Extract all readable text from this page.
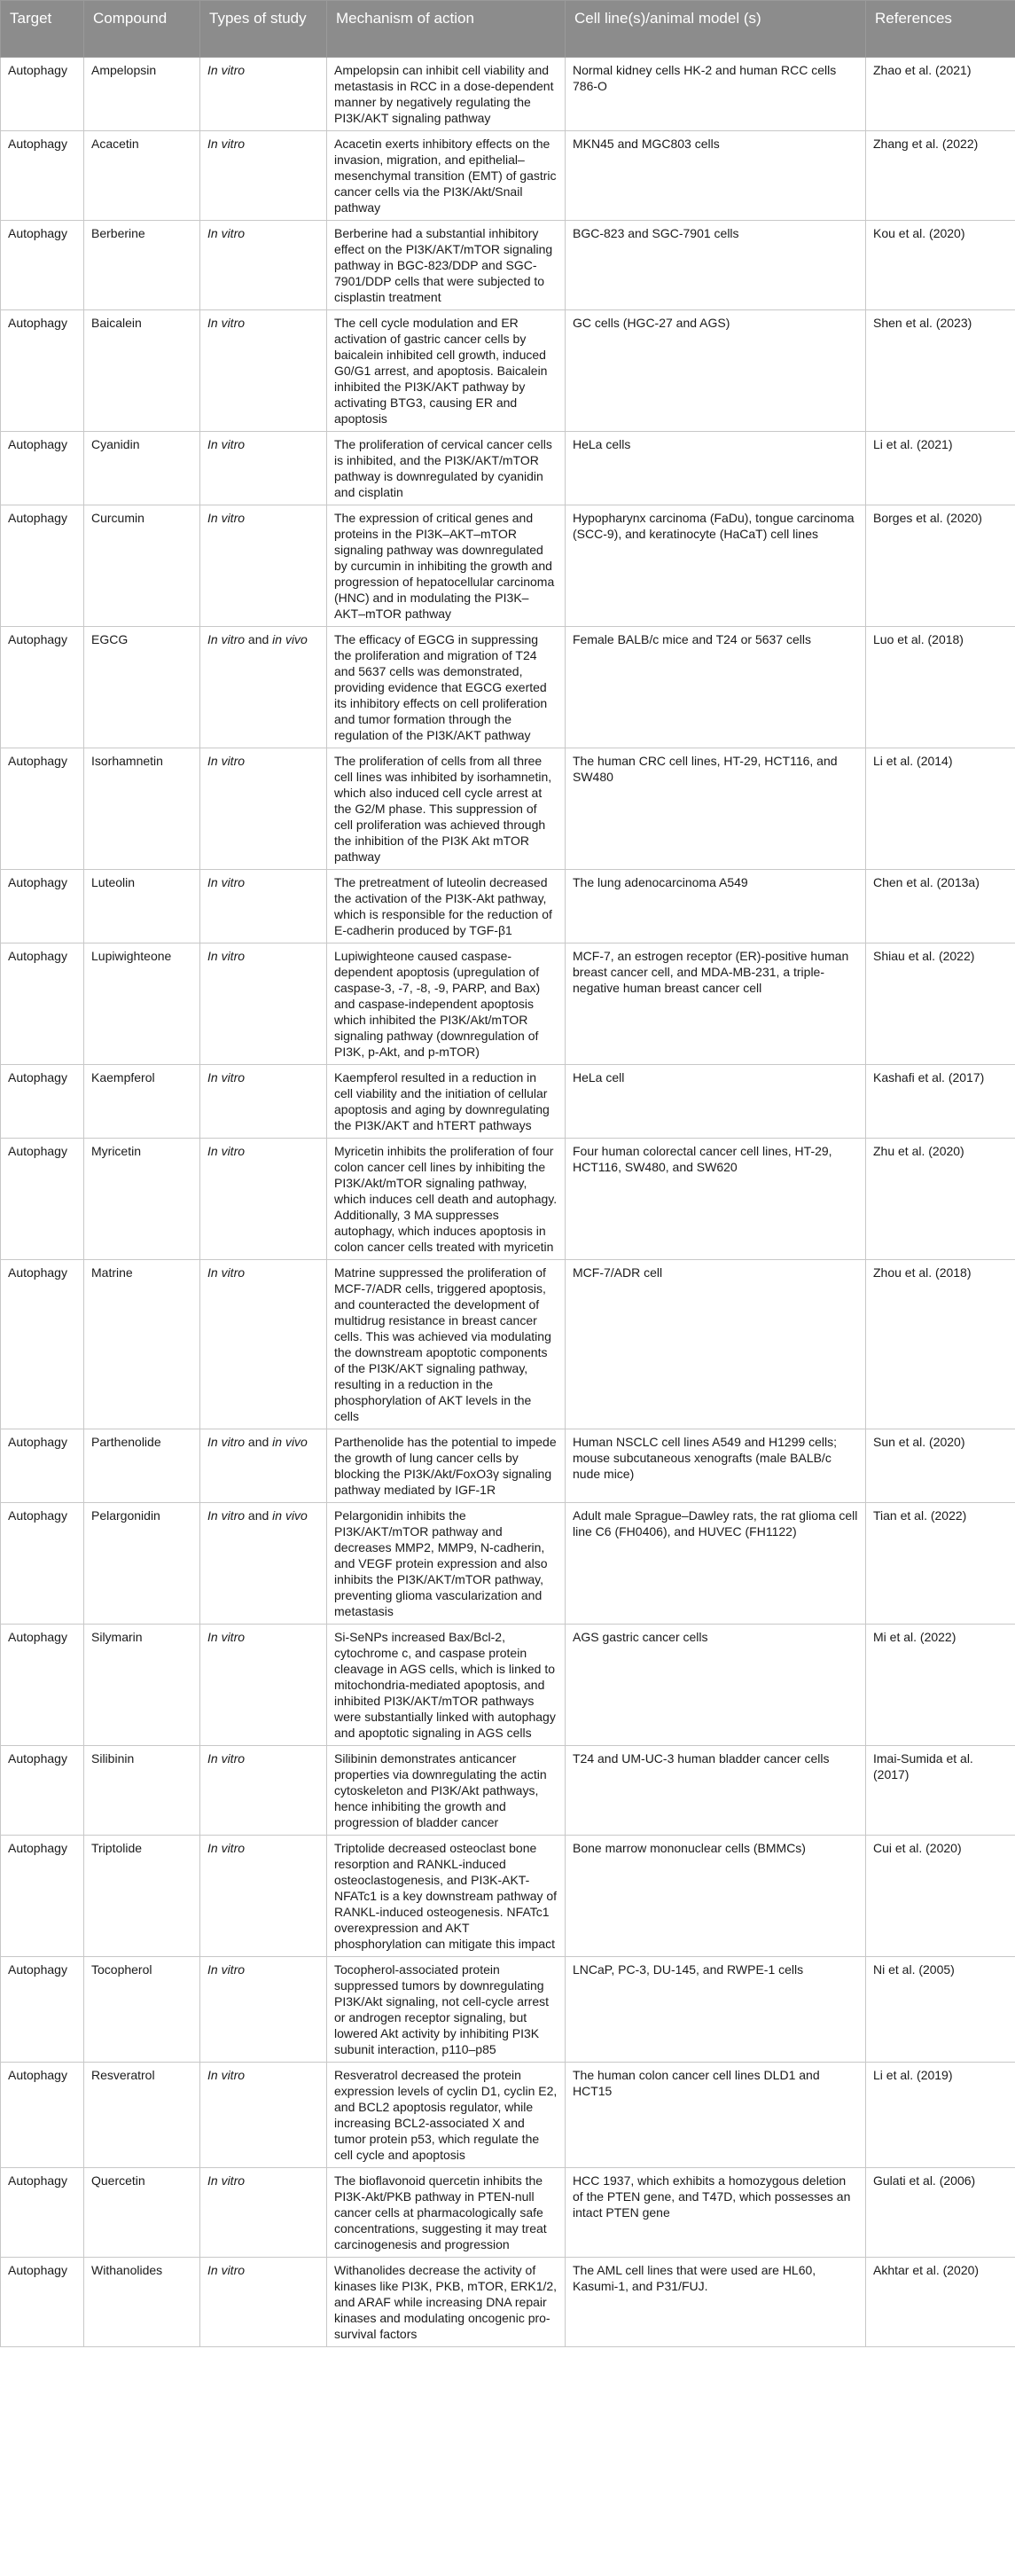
Target	Compound	Types of study	Mechanism of action	Cell line(s)/animal model (s)	References
Autophagy	Ampelopsin	In vitro	Ampelopsin can inhibit cell viability and metastasis in RCC in a dose-dependent manner by negatively regulating the PI3K/AKT signaling pathway	Normal kidney cells HK-2 and human RCC cells 786-O	Zhao et al. (2021)
Autophagy	Acacetin	In vitro	Acacetin exerts inhibitory effects on the invasion, migration, and epithelial–mesenchymal transition (EMT) of gastric cancer cells via the PI3K/Akt/Snail pathway	MKN45 and MGC803 cells	Zhang et al. (2022)
Autophagy	Berberine	In vitro	Berberine had a substantial inhibitory effect on the PI3K/AKT/mTOR signaling pathway in BGC-823/DDP and SGC-7901/DDP cells that were subjected to cisplastin treatment	BGC-823 and SGC-7901 cells	Kou et al. (2020)
Autophagy	Baicalein	In vitro	The cell cycle modulation and ER activation of gastric cancer cells by baicalein inhibited cell growth, induced G0/G1 arrest, and apoptosis. Baicalein inhibited the PI3K/AKT pathway by activating BTG3, causing ER and apoptosis	GC cells (HGC-27 and AGS)	Shen et al. (2023)
Autophagy	Cyanidin	In vitro	The proliferation of cervical cancer cells is inhibited, and the PI3K/AKT/mTOR pathway is downregulated by cyanidin and cisplatin	HeLa cells	Li et al. (2021)
Autophagy	Curcumin	In vitro	The expression of critical genes and proteins in the PI3K–AKT–mTOR signaling pathway was downregulated by curcumin in inhibiting the growth and progression of hepatocellular carcinoma (HNC) and in modulating the PI3K–AKT–mTOR pathway	Hypopharynx carcinoma (FaDu), tongue carcinoma (SCC-9), and keratinocyte (HaCaT) cell lines	Borges et al. (2020)
Autophagy	EGCG	In vitro and in vivo	The efficacy of EGCG in suppressing the proliferation and migration of T24 and 5637 cells was demonstrated, providing evidence that EGCG exerted its inhibitory effects on cell proliferation and tumor formation through the regulation of the PI3K/AKT pathway	Female BALB/c mice and T24 or 5637 cells	Luo et al. (2018)
Autophagy	Isorhamnetin	In vitro	The proliferation of cells from all three cell lines was inhibited by isorhamnetin, which also induced cell cycle arrest at the G2/M phase. This suppression of cell proliferation was achieved through the inhibition of the PI3K Akt mTOR pathway	The human CRC cell lines, HT-29, HCT116, and SW480	Li et al. (2014)
Autophagy	Luteolin	In vitro	The pretreatment of luteolin decreased the activation of the PI3K-Akt pathway, which is responsible for the reduction of E-cadherin produced by TGF-β1	The lung adenocarcinoma A549	Chen et al. (2013a)
Autophagy	Lupiwighteone	In vitro	Lupiwighteone caused caspase-dependent apoptosis (upregulation of caspase-3, -7, -8, -9, PARP, and Bax) and caspase-independent apoptosis which inhibited the PI3K/Akt/mTOR signaling pathway (downregulation of PI3K, p-Akt, and p-mTOR)	MCF-7, an estrogen receptor (ER)-positive human breast cancer cell, and MDA-MB-231, a triple-negative human breast cancer cell	Shiau et al. (2022)
Autophagy	Kaempferol	In vitro	Kaempferol resulted in a reduction in cell viability and the initiation of cellular apoptosis and aging by downregulating the PI3K/AKT and hTERT pathways	HeLa cell	Kashafi et al. (2017)
Autophagy	Myricetin	In vitro	Myricetin inhibits the proliferation of four colon cancer cell lines by inhibiting the PI3K/Akt/mTOR signaling pathway, which induces cell death and autophagy. Additionally, 3 MA suppresses autophagy, which induces apoptosis in colon cancer cells treated with myricetin	Four human colorectal cancer cell lines, HT-29, HCT116, SW480, and SW620	Zhu et al. (2020)
Autophagy	Matrine	In vitro	Matrine suppressed the proliferation of MCF-7/ADR cells, triggered apoptosis, and counteracted the development of multidrug resistance in breast cancer cells. This was achieved via modulating the downstream apoptotic components of the PI3K/AKT signaling pathway, resulting in a reduction in the phosphorylation of AKT levels in the cells	MCF-7/ADR cell	Zhou et al. (2018)
Autophagy	Parthenolide	In vitro and in vivo	Parthenolide has the potential to impede the growth of lung cancer cells by blocking the PI3K/Akt/FoxO3γ signaling pathway mediated by IGF-1R	Human NSCLC cell lines A549 and H1299 cells; mouse subcutaneous xenografts (male BALB/c nude mice)	Sun et al. (2020)
Autophagy	Pelargonidin	In vitro and in vivo	Pelargonidin inhibits the PI3K/AKT/mTOR pathway and decreases MMP2, MMP9, N-cadherin, and VEGF protein expression and also inhibits the PI3K/AKT/mTOR pathway, preventing glioma vascularization and metastasis	Adult male Sprague–Dawley rats, the rat glioma cell line C6 (FH0406), and HUVEC (FH1122)	Tian et al. (2022)
Autophagy	Silymarin	In vitro	Si-SeNPs increased Bax/Bcl-2, cytochrome c, and caspase protein cleavage in AGS cells, which is linked to mitochondria-mediated apoptosis, and inhibited PI3K/AKT/mTOR pathways were substantially linked with autophagy and apoptotic signaling in AGS cells	AGS gastric cancer cells	Mi et al. (2022)
Autophagy	Silibinin	In vitro	Silibinin demonstrates anticancer properties via downregulating the actin cytoskeleton and PI3K/Akt pathways, hence inhibiting the growth and progression of bladder cancer	T24 and UM-UC-3 human bladder cancer cells	Imai-Sumida et al. (2017)
Autophagy	Triptolide	In vitro	Triptolide decreased osteoclast bone resorption and RANKL-induced osteoclastogenesis, and PI3K-AKT-NFATc1 is a key downstream pathway of RANKL-induced osteogenesis. NFATc1 overexpression and AKT phosphorylation can mitigate this impact	Bone marrow mononuclear cells (BMMCs)	Cui et al. (2020)
Autophagy	Tocopherol	In vitro	Tocopherol-associated protein suppressed tumors by downregulating PI3K/Akt signaling, not cell-cycle arrest or androgen receptor signaling, but lowered Akt activity by inhibiting PI3K subunit interaction, p110–p85	LNCaP, PC-3, DU-145, and RWPE-1 cells	Ni et al. (2005)
Autophagy	Resveratrol	In vitro	Resveratrol decreased the protein expression levels of cyclin D1, cyclin E2, and BCL2 apoptosis regulator, while increasing BCL2-associated X and tumor protein p53, which regulate the cell cycle and apoptosis	The human colon cancer cell lines DLD1 and HCT15	Li et al. (2019)
Autophagy	Quercetin	In vitro	The bioflavonoid quercetin inhibits the PI3K-Akt/PKB pathway in PTEN-null cancer cells at pharmacologically safe concentrations, suggesting it may treat carcinogenesis and progression	HCC 1937, which exhibits a homozygous deletion of the PTEN gene, and T47D, which possesses an intact PTEN gene	Gulati et al. (2006)
Autophagy	Withanolides	In vitro	Withanolides decrease the activity of kinases like PI3K, PKB, mTOR, ERK1/2, and ARAF while increasing DNA repair kinases and modulating oncogenic pro-survival factors	The AML cell lines that were used are HL60, Kasumi-1, and P31/FUJ.	Akhtar et al. (2020)
